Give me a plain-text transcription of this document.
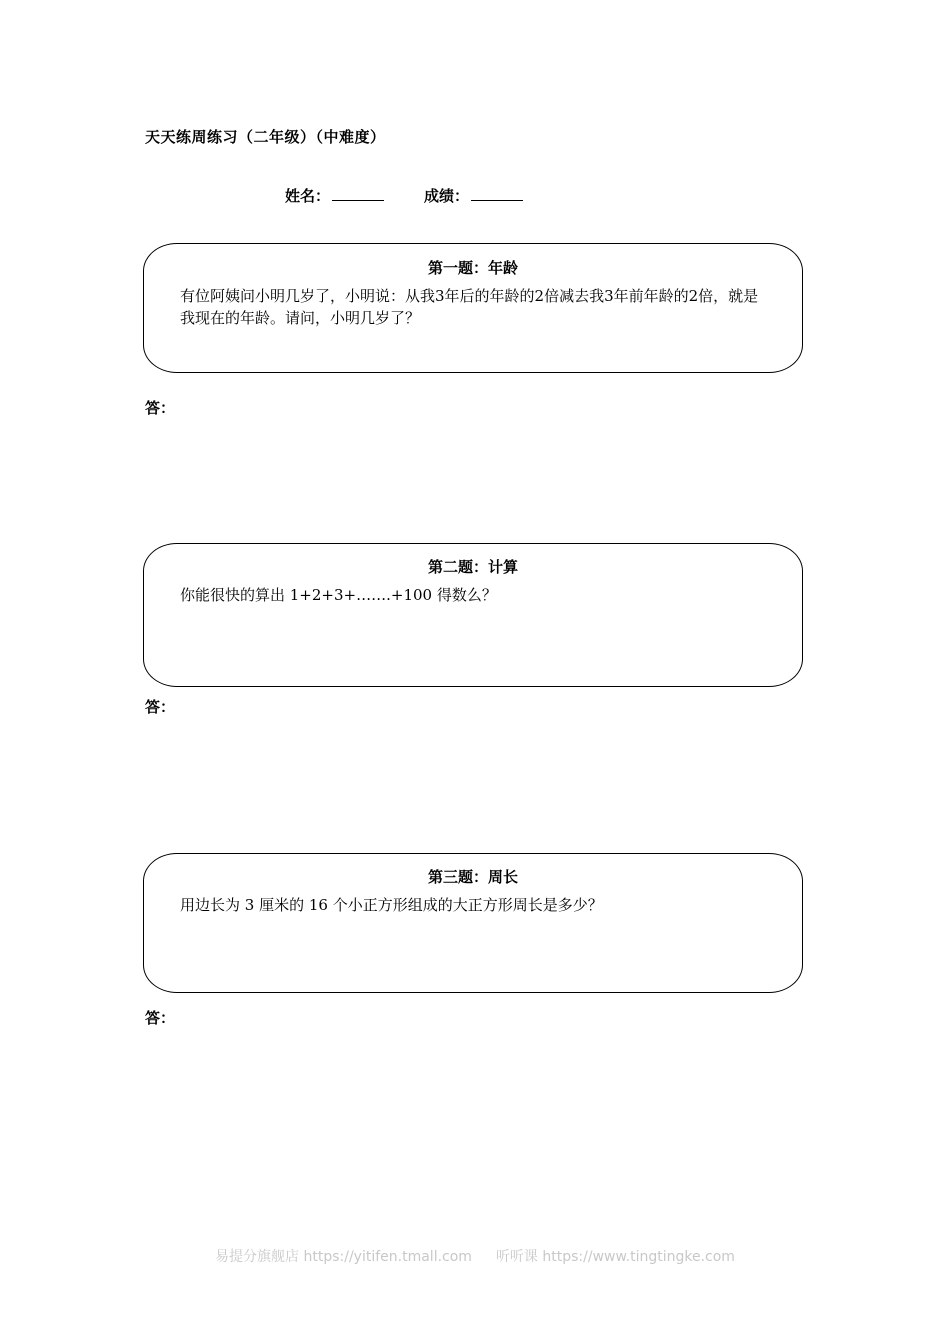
天天练周练习（二年级）（中难度）
姓名：	成绩：
第一题：年龄
有位阿姨问小明几岁了，小明说：从我3年后的年龄的2倍减去我3年前年龄的2倍，就是我现在的年龄。请问，小明几岁了？
答：
第二题：计算
你能很快的算出 1+2+3+…….+100 得数么？
答：
第三题：周长
用边长为 3 厘米的 16 个小正方形组成的大正方形周长是多少？
答：
易提分旗舰店 https://yitifen.tmall.com 听听课 https://www.tingtingke.com
